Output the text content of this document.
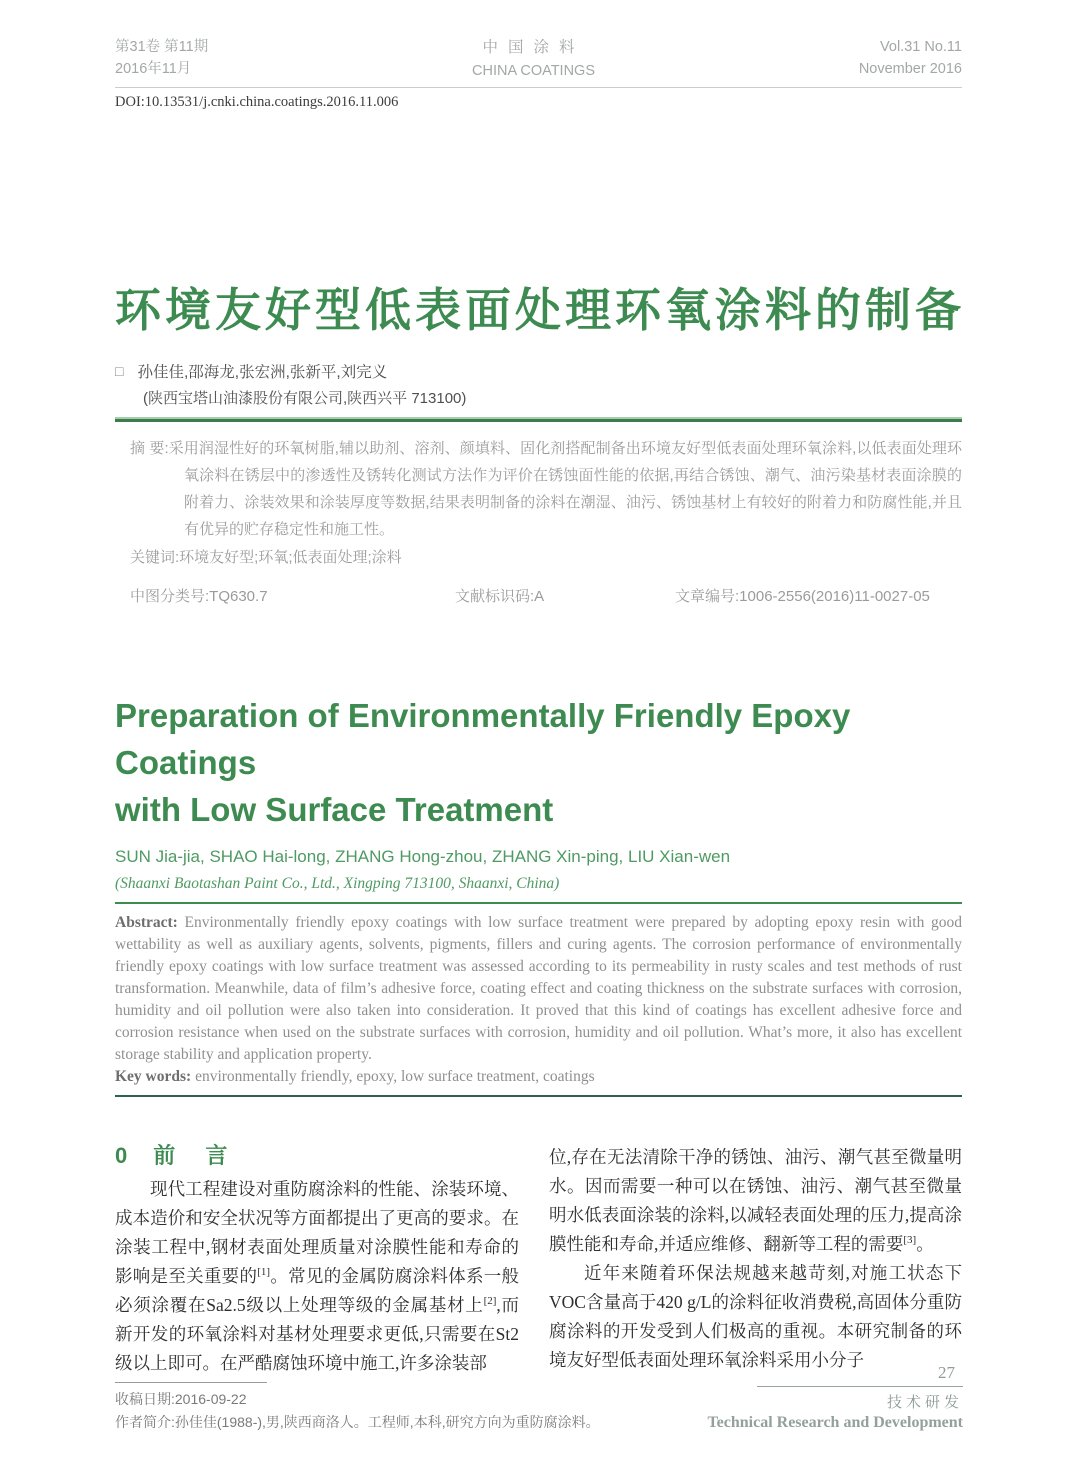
第31卷 第11期
2016年11月
中国涂料
CHINA COATINGS
Vol.31 No.11
November 2016
DOI:10.13531/j.cnki.china.coatings.2016.11.006
环境友好型低表面处理环氧涂料的制备
□ 孙佳佳,邵海龙,张宏洲,张新平,刘完义
(陕西宝塔山油漆股份有限公司,陕西兴平 713100)

摘 要:采用润湿性好的环氧树脂,辅以助剂、溶剂、颜填料、固化剂搭配制备出环境友好型低表面处理环氧涂料,以低表面处理环氧涂料在锈层中的渗透性及锈转化测试方法作为评价在锈蚀面性能的依据,再结合锈蚀、潮气、油污染基材表面涂膜的附着力、涂装效果和涂装厚度等数据,结果表明制备的涂料在潮湿、油污、锈蚀基材上有较好的附着力和防腐性能,并且有优异的贮存稳定性和施工性。

关键词:环境友好型;环氧;低表面处理;涂料

中图分类号:TQ630.7	文献标识码:A	文章编号:1006-2556(2016)11-0027-05
Preparation of Environmentally Friendly Epoxy Coatings
with Low Surface Treatment
SUN Jia-jia, SHAO Hai-long, ZHANG Hong-zhou, ZHANG Xin-ping, LIU Xian-wen
(Shaanxi Baotashan Paint Co., Ltd., Xingping 713100, Shaanxi, China)

Abstract: Environmentally friendly epoxy coatings with low surface treatment were prepared by adopting epoxy resin with good wettability as well as auxiliary agents, solvents, pigments, fillers and curing agents. The corrosion performance of environmentally friendly epoxy coatings with low surface treatment was assessed according to its permeability in rusty scales and test methods of rust transformation. Meanwhile, data of film’s adhesive force, coating effect and coating thickness on the substrate surfaces with corrosion, humidity and oil pollution were also taken into consideration. It proved that this kind of coatings has excellent adhesive force and corrosion resistance when used on the substrate surfaces with corrosion, humidity and oil pollution. What’s more, it also has excellent storage stability and application property.

Key words: environmentally friendly, epoxy, low surface treatment, coatings

0 前 言

现代工程建设对重防腐涂料的性能、涂装环境、成本造价和安全状况等方面都提出了更高的要求。在涂装工程中,钢材表面处理质量对涂膜性能和寿命的影响是至关重要的[1]。常见的金属防腐涂料体系一般必须涂覆在Sa2.5级以上处理等级的金属基材上[2],而新开发的环氧涂料对基材处理要求更低,只需要在St2级以上即可。在严酷腐蚀环境中施工,许多涂装部

位,存在无法清除干净的锈蚀、油污、潮气甚至微量明水。因而需要一种可以在锈蚀、油污、潮气甚至微量明水低表面涂装的涂料,以减轻表面处理的压力,提高涂膜性能和寿命,并适应维修、翻新等工程的需要[3]。

近年来随着环保法规越来越苛刻,对施工状态下VOC含量高于420 g/L的涂料征收消费税,高固体分重防腐涂料的开发受到人们极高的重视。本研究制备的环境友好型低表面处理环氧涂料采用小分子

收稿日期:2016-09-22
作者简介:孙佳佳(1988-),男,陕西商洛人。工程师,本科,研究方向为重防腐涂料。
27
技术研发
Technical Research and Development
